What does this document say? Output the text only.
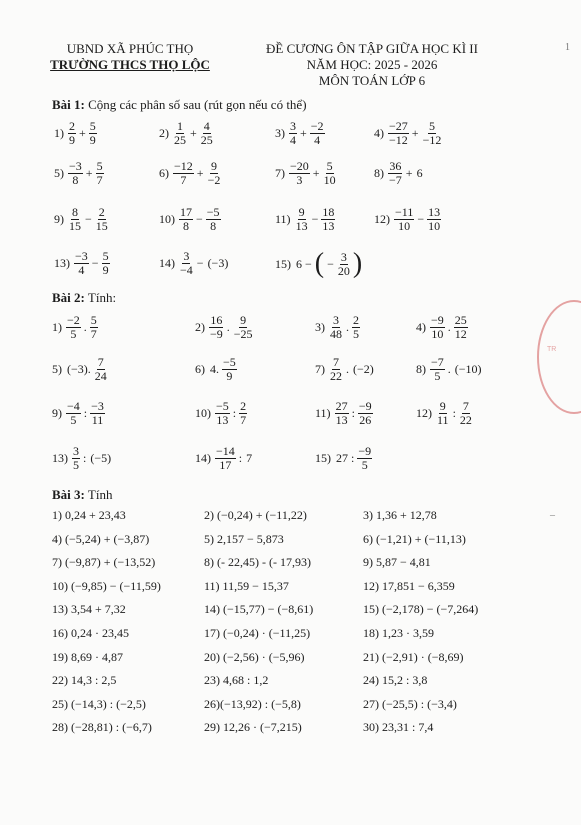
UBND XÃ PHÚC THỌ
TRƯỜNG THCS THỌ LỘC
ĐỀ CƯƠNG ÔN TẬP GIỮA HỌC KÌ II
NĂM HỌC: 2025 - 2026
MÔN TOÁN LỚP 6
1
–
TR
Bài 1: Cộng các phân số sau (rút gọn nếu có thể)
Bài 2: Tính:
Bài 3: Tính
$1) \frac{2}{9} + \frac{5}{9}$	$2) \frac{1}{25} + \frac{4}{25}$	$3) \frac{3}{4} + \frac{-2}{4}$	$4) \frac{-27}{-12} + \frac{5}{-12}$
$5) \frac{-3}{8} + \frac{5}{7}$	$6) \frac{-12}{7} + \frac{9}{-2}$	$7) \frac{-20}{3} + \frac{5}{10}$	$8) \frac{36}{-7} + 6$
$9) \frac{8}{15} - \frac{2}{15}$	$10) \frac{17}{8} - \frac{-5}{8}$	$11) \frac{9}{13} - \frac{18}{13}$	$12) \frac{-11}{10} - \frac{13}{10}$
$13) \frac{-3}{4} - \frac{5}{9}$	$14) \frac{3}{-4} - (-3)$	15) 6 − ( − $\frac{3}{20}$ )
$1) \frac{-2}{5}$ . $\frac{5}{7}$	$2) \frac{16}{-9}$ . $\frac{9}{-25}$	$3) \frac{3}{48}$ . $\frac{2}{5}$	$4) \frac{-9}{10}$ . $\frac{25}{12}$
5) (−3). $\frac{7}{24}$	6) 4. $\frac{-5}{9}$	$7) \frac{7}{22}$ . (−2)	$8) \frac{-7}{5}$ . (−10)
$9) \frac{-4}{5}$ : $\frac{-3}{11}$	$10) \frac{-5}{13}$ : $\frac{2}{7}$	$11) \frac{27}{13}$ : $\frac{-9}{26}$	$12) \frac{9}{11}$ : $\frac{7}{22}$
$13) \frac{3}{5}$ : (−5)	$14) \frac{-14}{17}$ : 7	15) 27 : $\frac{-9}{5}$
1) 0,24 + 23,43	2) (−0,24) + (−11,22)	3) 1,36 + 12,78
4) (−5,24) + (−3,87)	5) 2,157 − 5,873	6) (−1,21) + (−11,13)
7) (−9,87) + (−13,52)	8) (- 22,45) - (- 17,93)	9) 5,87 − 4,81
10) (−9,85) − (−11,59)	11) 11,59 − 15,37	12) 17,851 − 6,359
13) 3,54 + 7,32	14) (−15,77) − (−8,61)	15) (−2,178) − (−7,264)
16) 0,24 · 23,45	17) (−0,24) · (−11,25)	18) 1,23 · 3,59
19) 8,69 · 4,87	20) (−2,56) · (−5,96)	21) (−2,91) · (−8,69)
22) 14,3 : 2,5	23) 4,68 : 1,2	24) 15,2 : 3,8
25) (−14,3) : (−2,5)	26)(−13,92) : (−5,8)	27) (−25,5) : (−3,4)
28) (−28,81) : (−6,7)	29) 12,26 · (−7,215)	30) 23,31 : 7,4
